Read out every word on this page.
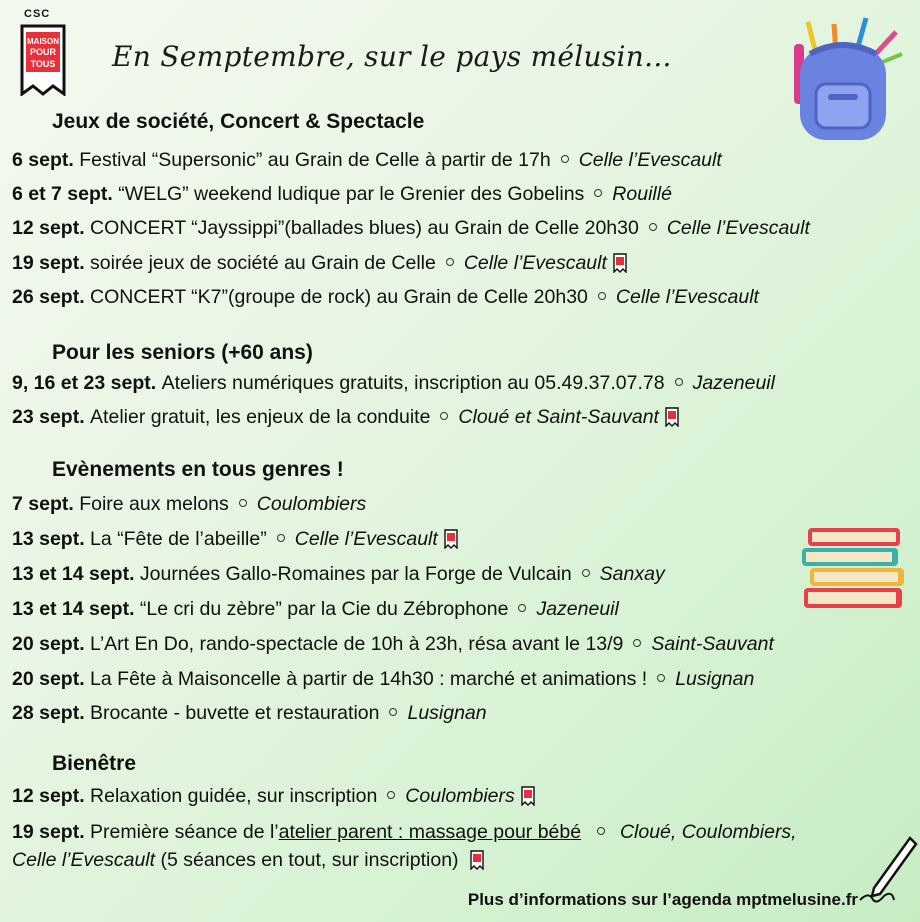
CSC
MAISON
POUR
TOUS En Semptembre, sur le pays mélusin...
Jeux de société, Concert & Spectacle
Pour les seniors (+60 ans)
Evènements en tous genres !
Bienêtre
6 sept. Festival “Supersonic” au Grain de Celle à partir de 17h Celle l’Evescault
6 et 7 sept. “WELG” weekend ludique par le Grenier des Gobelins Rouillé
12 sept. CONCERT “Jayssippi”(ballades blues) au Grain de Celle 20h30 Celle l’Evescault
19 sept. soirée jeux de société au Grain de Celle Celle l’Evescault
26 sept. CONCERT “K7”(groupe de rock) au Grain de Celle 20h30 Celle l’Evescault
9, 16 et 23 sept. Ateliers numériques gratuits, inscription au 05.49.37.07.78 Jazeneuil
23 sept. Atelier gratuit, les enjeux de la conduite Cloué et Saint-Sauvant
7 sept. Foire aux melons Coulombiers
13 sept. La “Fête de l’abeille” Celle l’Evescault
13 et 14 sept. Journées Gallo-Romaines par la Forge de Vulcain Sanxay
13 et 14 sept. “Le cri du zèbre” par la Cie du Zébrophone Jazeneuil
20 sept. L’Art En Do, rando-spectacle de 10h à 23h, résa avant le 13/9 Saint-Sauvant
20 sept. La Fête à Maisoncelle à partir de 14h30 : marché et animations ! Lusignan
28 sept. Brocante - buvette et restauration Lusignan
12 sept. Relaxation guidée, sur inscription Coulombiers
19 sept. Première séance de l’atelier parent : massage pour bébé Cloué, Coulombiers,
Celle l’Evescault (5 séances en tout, sur inscription)
Plus d’informations sur l’agenda mptmelusine.fr
